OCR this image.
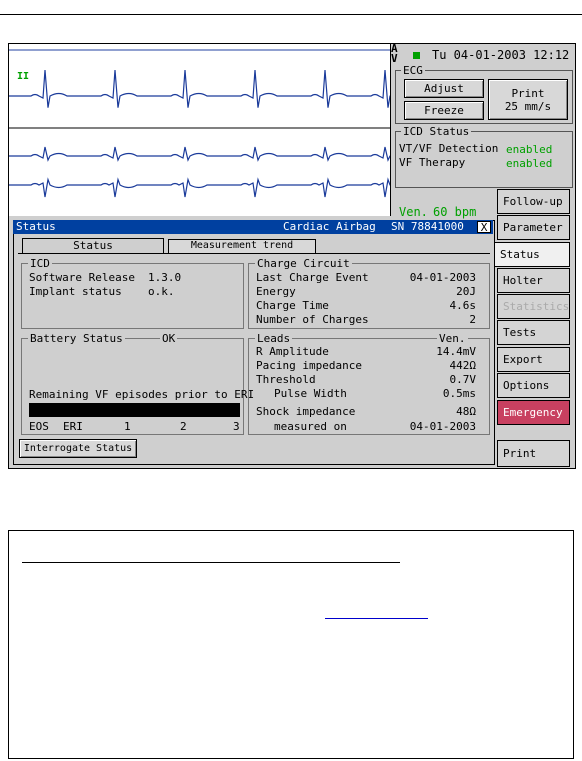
II
A
V	Tu 04-01-2003 12:12
ECG
Adjust
Freeze
Print
25 mm/s
ICD Status
VT/VF Detection enabled
VF Therapy	enabled
Ven. 60 bpm
Follow-up
Parameter
Status
Holter
Statistics
Tests
Export
Options
Emergency
Print
Status	Cardiac Airbag SN 78841000	X
Status	Measurement trend
ICD
Software Release 1.3.0
Implant status o.k.
Charge Circuit
Last Charge Event	04-01-2003
Energy	20J
Charge Time	4.6s
Number of Charges	2
Battery Status	OK
Remaining VF episodes prior to ERI
EOS ERI	1	2	3
Leads	Ven.
R Amplitude	14.4mV
Pacing impedance	442Ω
Threshold	0.7V
Pulse Width	0.5ms
Shock impedance	48Ω
measured on	04-01-2003
Interrogate Status
